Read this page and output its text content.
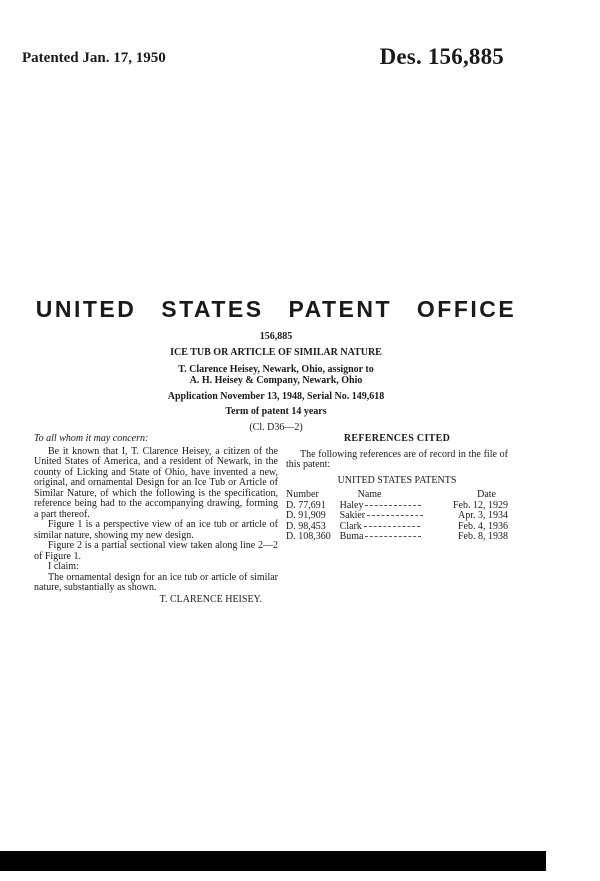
Patented Jan. 17, 1950	Des. 156,885
UNITED STATES PATENT OFFICE
156,885
ICE TUB OR ARTICLE OF SIMILAR NATURE
T. Clarence Heisey, Newark, Ohio, assignor to
A. H. Heisey & Company, Newark, Ohio
Application November 13, 1948, Serial No. 149,618
Term of patent 14 years
(Cl. D36—2)

To all whom it may concern:

Be it known that I, T. Clarence Heisey, a citizen of the United States of America, and a resident of Newark, in the county of Licking and State of Ohio, have invented a new, original, and ornamental Design for an Ice Tub or Article of Similar Nature, of which the following is the specification, reference being had to the accompanying drawing, forming a part thereof.

Figure 1 is a perspective view of an ice tub or article of similar nature, showing my new design.

Figure 2 is a partial sectional view taken along line 2—2 of Figure 1.

I claim:

The ornamental design for an ice tub or article of similar nature, substantially as shown.

T. CLARENCE HEISEY.

REFERENCES CITED

The following references are of record in the file of this patent:

UNITED STATES PATENTS
Number	Name	Date
D. 77,691	Haley	Feb. 12, 1929
D. 91,909	Sakier	Apr. 3, 1934
D. 98,453	Clark	Feb. 4, 1936
D. 108,360	Buma	Feb. 8, 1938
